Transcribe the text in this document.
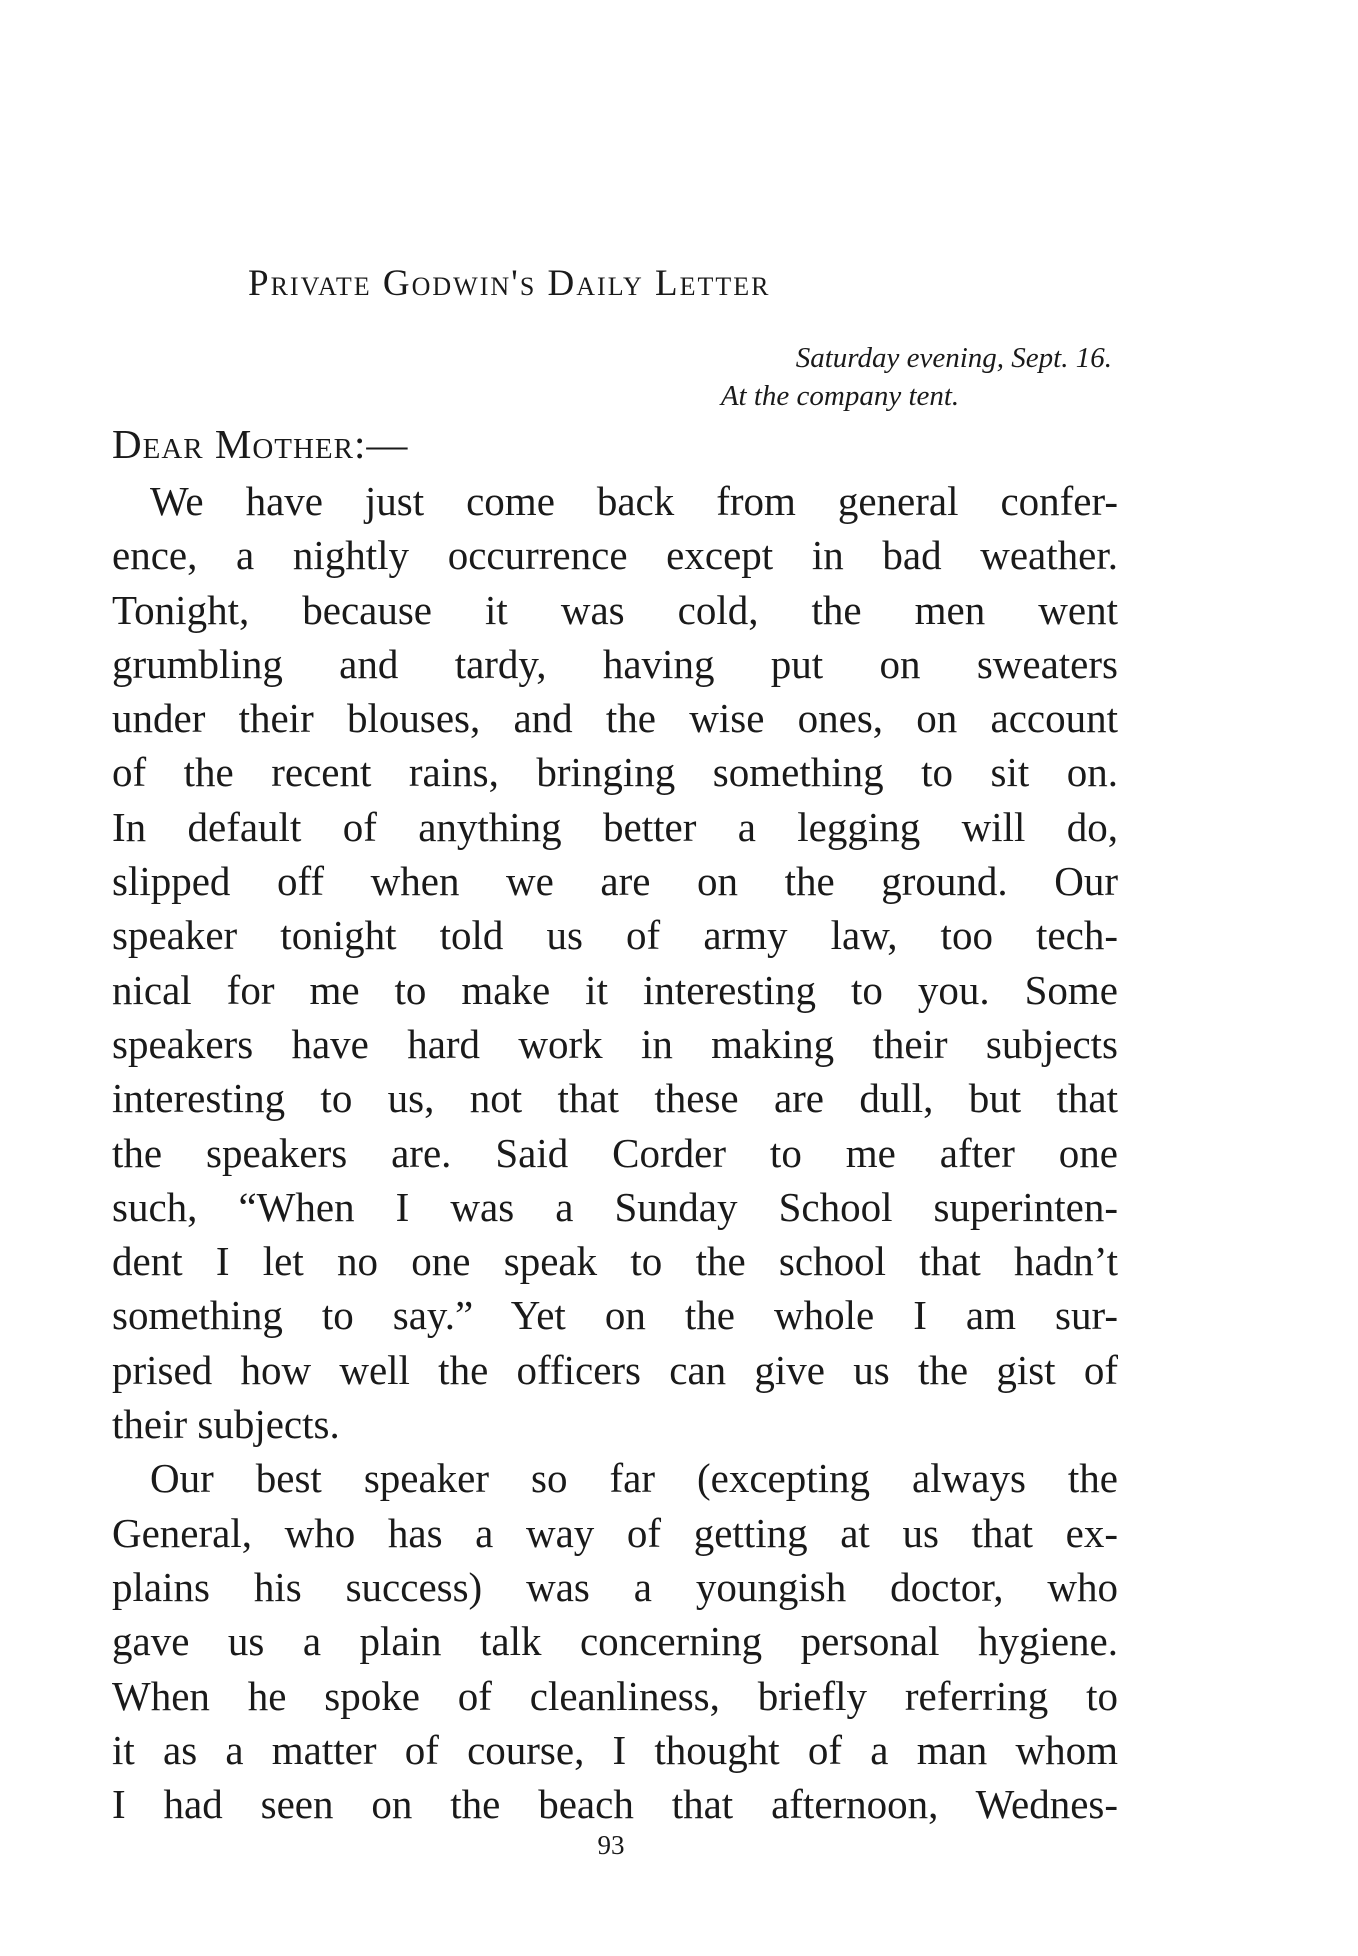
Private Godwin's Daily Letter
Saturday evening, Sept. 16.
At the company tent.
Dear Mother:—
We have just come back from general confer-
ence, a nightly occurrence except in bad weather.
Tonight, because it was cold, the men went
grumbling and tardy, having put on sweaters
under their blouses, and the wise ones, on account
of the recent rains, bringing something to sit on.
In default of anything better a legging will do,
slipped off when we are on the ground. Our
speaker tonight told us of army law, too tech-
nical for me to make it interesting to you. Some
speakers have hard work in making their subjects
interesting to us, not that these are dull, but that
the speakers are. Said Corder to me after one
such, “When I was a Sunday School superinten-
dent I let no one speak to the school that hadn’t
something to say.” Yet on the whole I am sur-
prised how well the officers can give us the gist of
their subjects.
Our best speaker so far (excepting always the
General, who has a way of getting at us that ex-
plains his success) was a youngish doctor, who
gave us a plain talk concerning personal hygiene.
When he spoke of cleanliness, briefly referring to
it as a matter of course, I thought of a man whom
I had seen on the beach that afternoon, Wednes-
93
